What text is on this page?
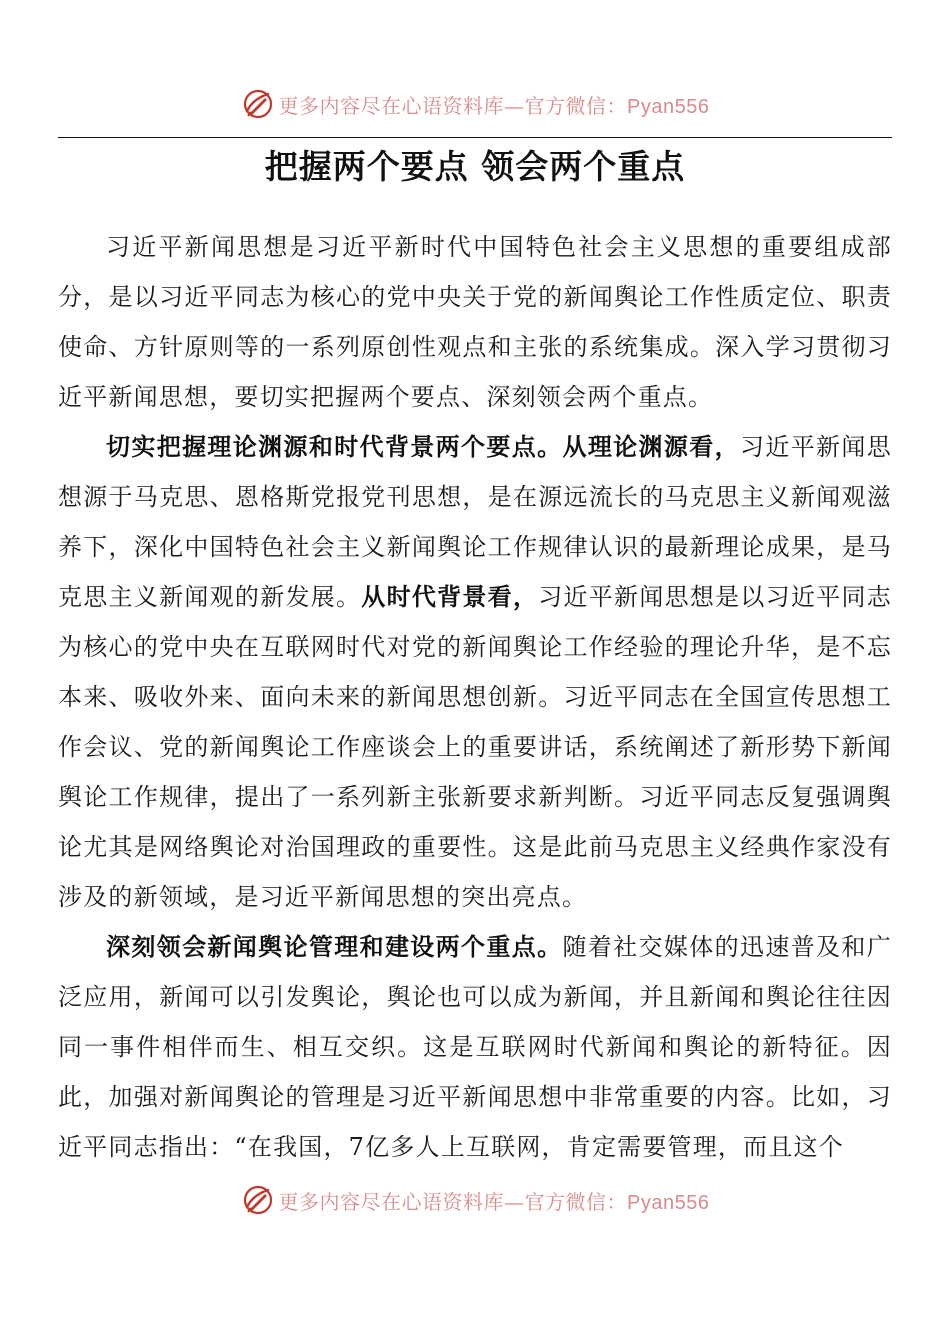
更多内容尽在心语资料库—官方微信：Pyan556
把握两个要点 领会两个重点

习近平新闻思想是习近平新时代中国特色社会主义思想的重要组成部分，是以习近平同志为核心的党中央关于党的新闻舆论工作性质定位、职责使命、方针原则等的一系列原创性观点和主张的系统集成。深入学习贯彻习近平新闻思想，要切实把握两个要点、深刻领会两个重点。

切实把握理论渊源和时代背景两个要点。从理论渊源看，习近平新闻思想源于马克思、恩格斯党报党刊思想，是在源远流长的马克思主义新闻观滋养下，深化中国特色社会主义新闻舆论工作规律认识的最新理论成果，是马克思主义新闻观的新发展。从时代背景看，习近平新闻思想是以习近平同志为核心的党中央在互联网时代对党的新闻舆论工作经验的理论升华，是不忘本来、吸收外来、面向未来的新闻思想创新。习近平同志在全国宣传思想工作会议、党的新闻舆论工作座谈会上的重要讲话，系统阐述了新形势下新闻舆论工作规律，提出了一系列新主张新要求新判断。习近平同志反复强调舆论尤其是网络舆论对治国理政的重要性。这是此前马克思主义经典作家没有涉及的新领域，是习近平新闻思想的突出亮点。

深刻领会新闻舆论管理和建设两个重点。随着社交媒体的迅速普及和广泛应用，新闻可以引发舆论，舆论也可以成为新闻，并且新闻和舆论往往因同一事件相伴而生、相互交织。这是互联网时代新闻和舆论的新特征。因此，加强对新闻舆论的管理是习近平新闻思想中非常重要的内容。比如，习近平同志指出：“在我国，7亿多人上互联网，肯定需要管理，而且这个

更多内容尽在心语资料库—官方微信：Pyan556
